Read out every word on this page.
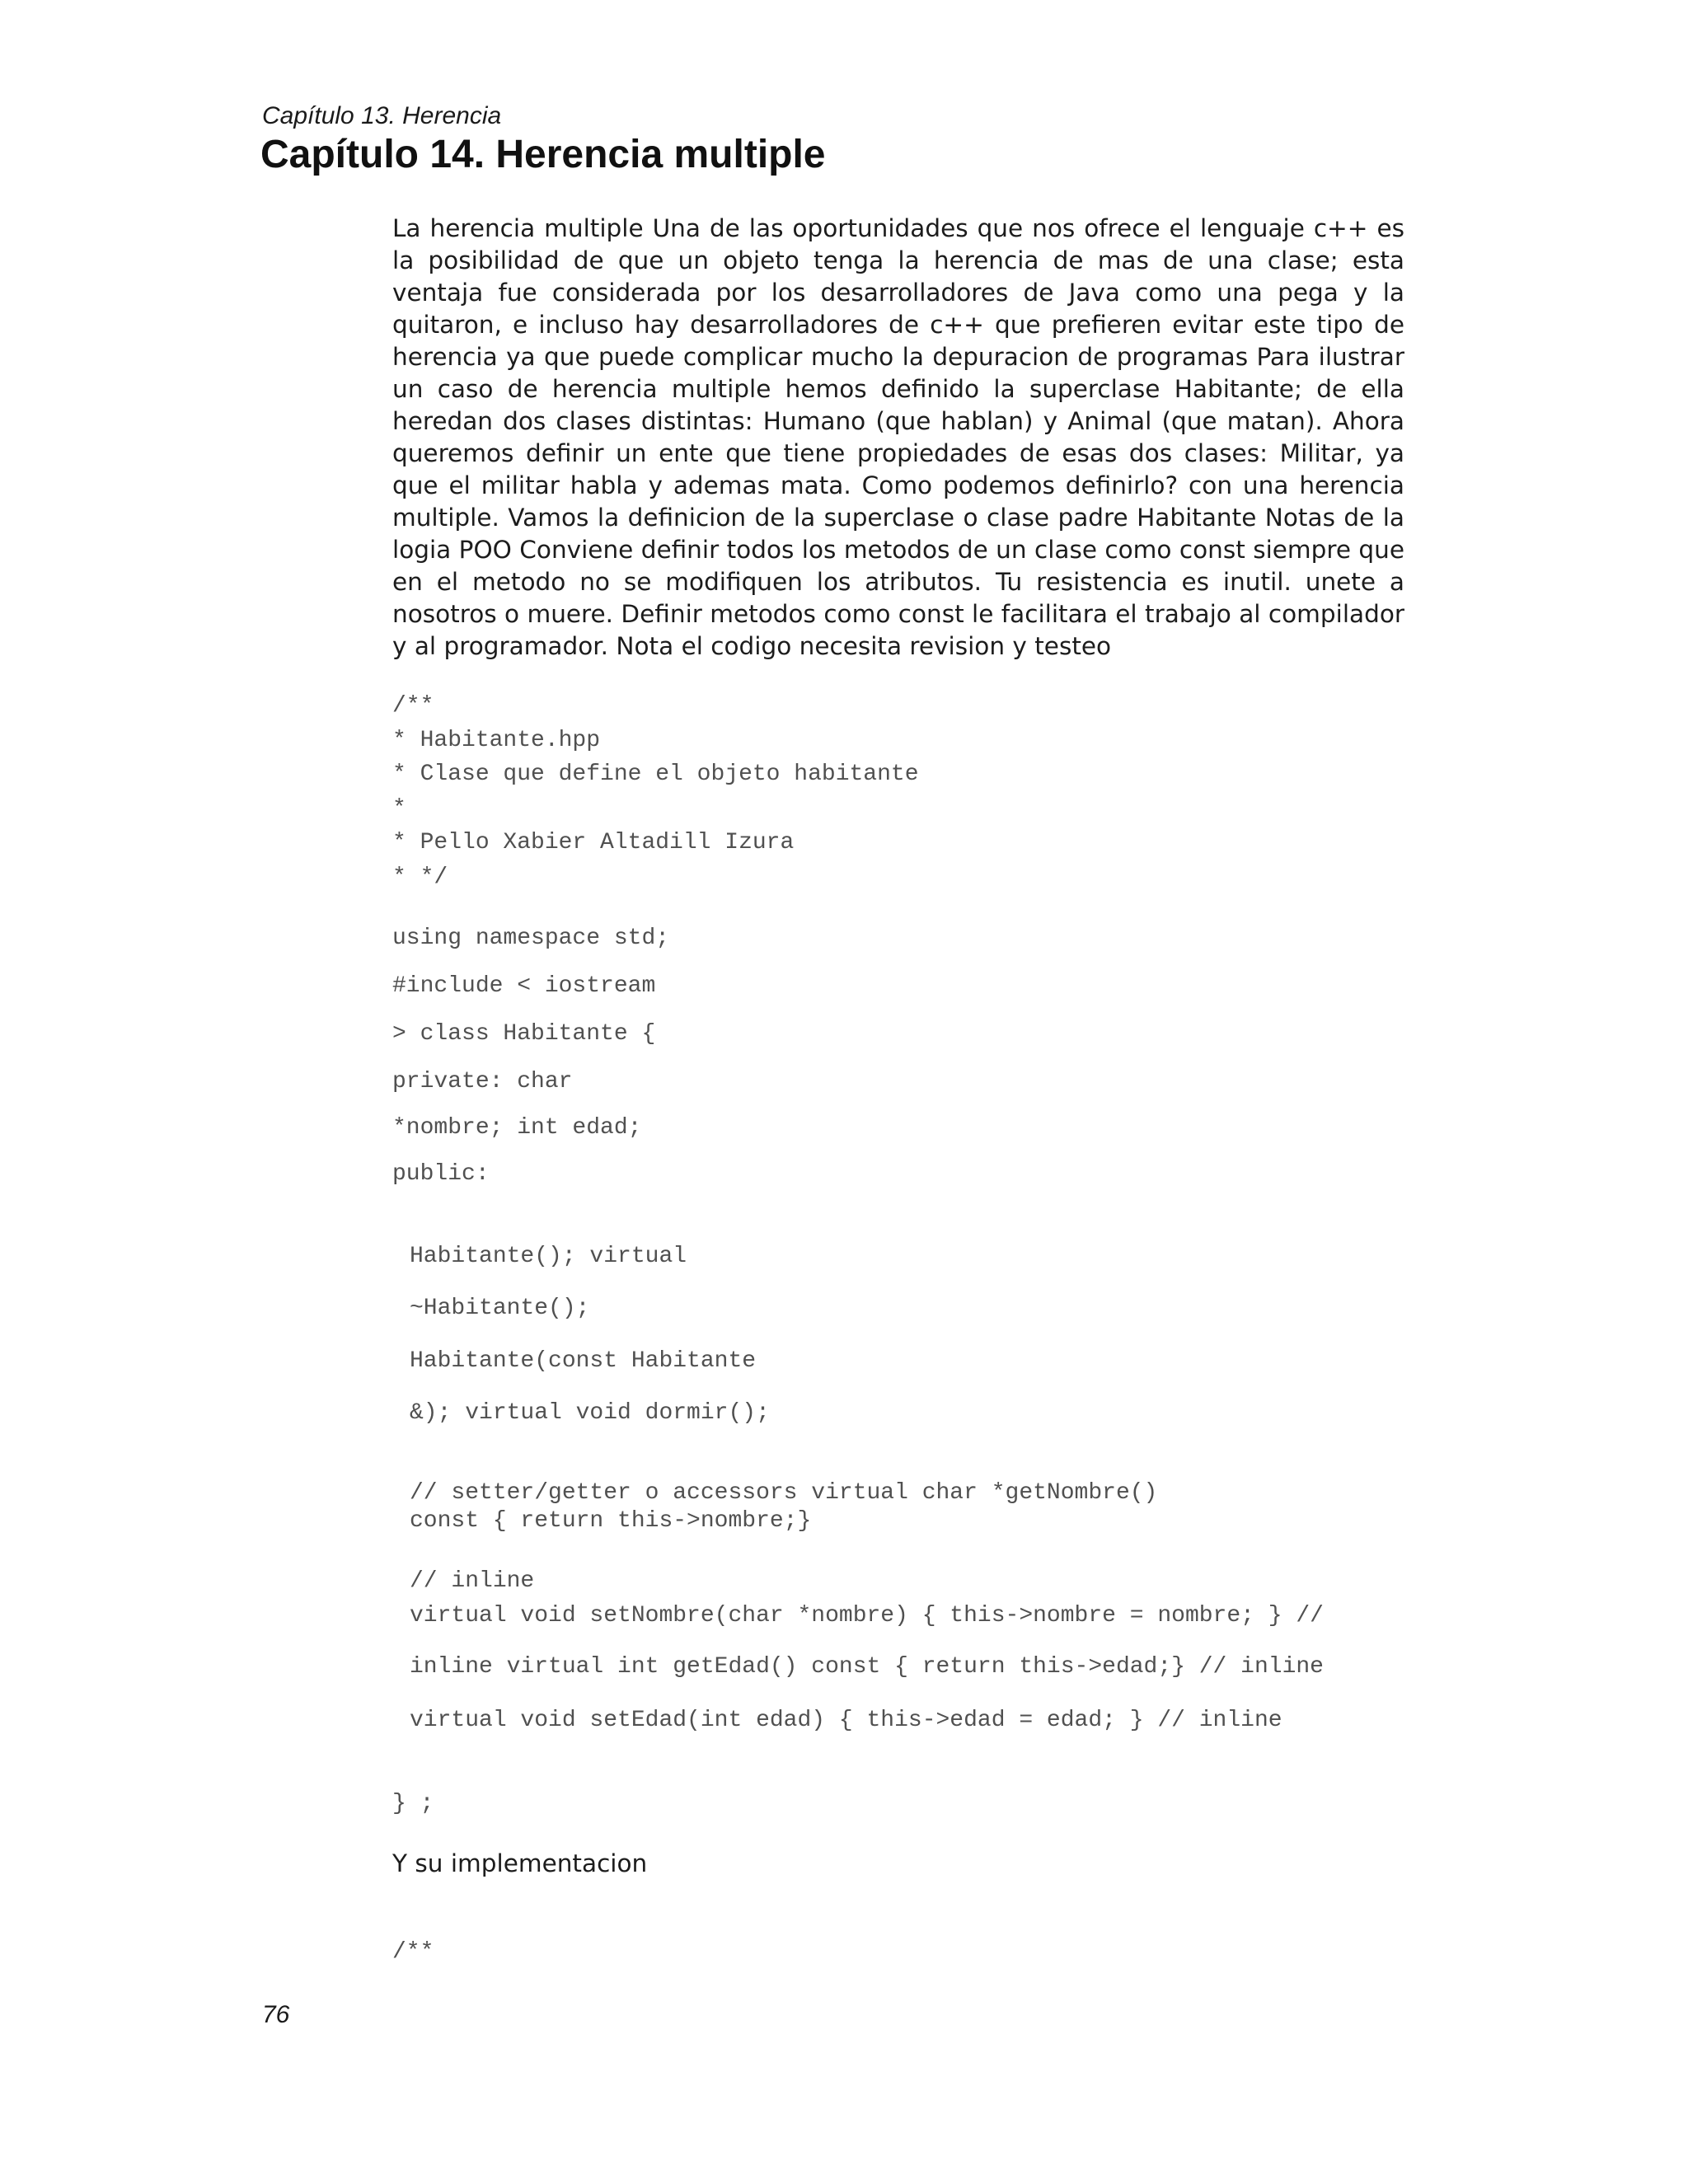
Capítulo 13. Herencia
Capítulo 14. Herencia multiple

La herencia multiple Una de las oportunidades que nos ofrece el lenguaje c++ es la posibilidad de que un objeto tenga la herencia de mas de una clase; esta ventaja fue considerada por los desarrolladores de Java como una pega y la quitaron, e incluso hay desarrolladores de c++ que prefieren evitar este tipo de herencia ya que puede complicar mucho la depuracion de programas Para ilustrar un caso de herencia multiple hemos definido la superclase Habitante; de ella heredan dos clases distintas: Humano (que hablan) y Animal (que matan). Ahora queremos definir un ente que tiene propiedades de esas dos clases: Militar, ya que el militar habla y ademas mata. Como podemos definirlo? con una herencia multiple. Vamos la definicion de la superclase o clase padre Habitante Notas de la logia POO Conviene definir todos los metodos de un clase como const siempre que en el metodo no se modifiquen los atributos. Tu resistencia es inutil. unete a nosotros o muere. Definir metodos como const le facilitara el trabajo al compilador y al programador. Nota el codigo necesita revision y testeo

/**
* Habitante.hpp
* Clase que define el objeto habitante
*
* Pello Xabier Altadill Izura
* */
using namespace std;
#include < iostream
> class Habitante {
private: char
*nombre; int edad;
public:
Habitante(); virtual
~Habitante();
Habitante(const Habitante
&); virtual void dormir();
// setter/getter o accessors virtual char *getNombre()
const { return this->nombre;}
// inline
virtual void setNombre(char *nombre) { this->nombre = nombre; } //
inline virtual int getEdad() const { return this->edad;} // inline
virtual void setEdad(int edad) { this->edad = edad; } // inline
} ;
Y su implementacion
/**
76
